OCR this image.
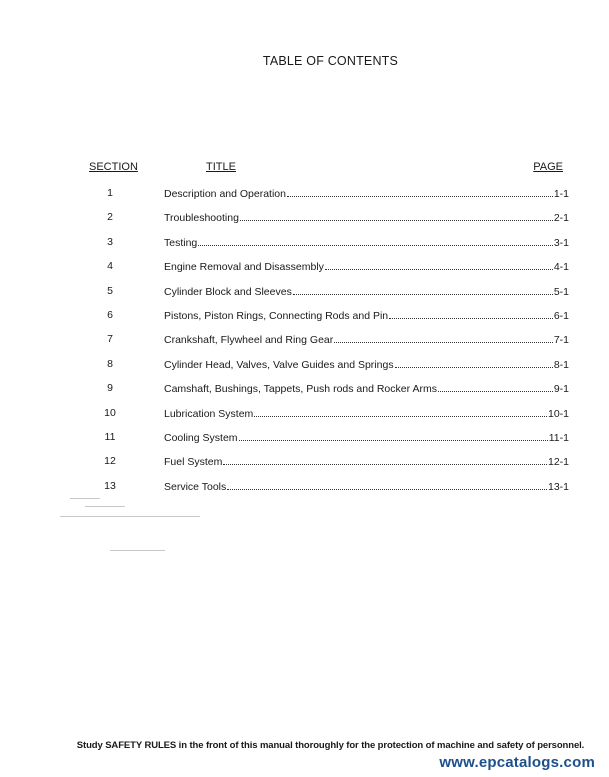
TABLE OF CONTENTS
SECTION	TITLE	PAGE
1	Description and Operation	1-1
2	Troubleshooting	2-1
3	Testing	3-1
4	Engine Removal and Disassembly	4-1
5	Cylinder Block and Sleeves	5-1
6	Pistons, Piston Rings, Connecting Rods and Pin	6-1
7	Crankshaft, Flywheel and Ring Gear	7-1
8	Cylinder Head, Valves, Valve Guides and Springs	8-1
9	Camshaft, Bushings, Tappets, Push rods and Rocker Arms	9-1
10	Lubrication System	10-1
11	Cooling System	11-1
12	Fuel System	12-1
13	Service Tools	13-1
Study SAFETY RULES in the front of this manual thoroughly for the protection of machine and safety of personnel.
www.epcatalogs.com
